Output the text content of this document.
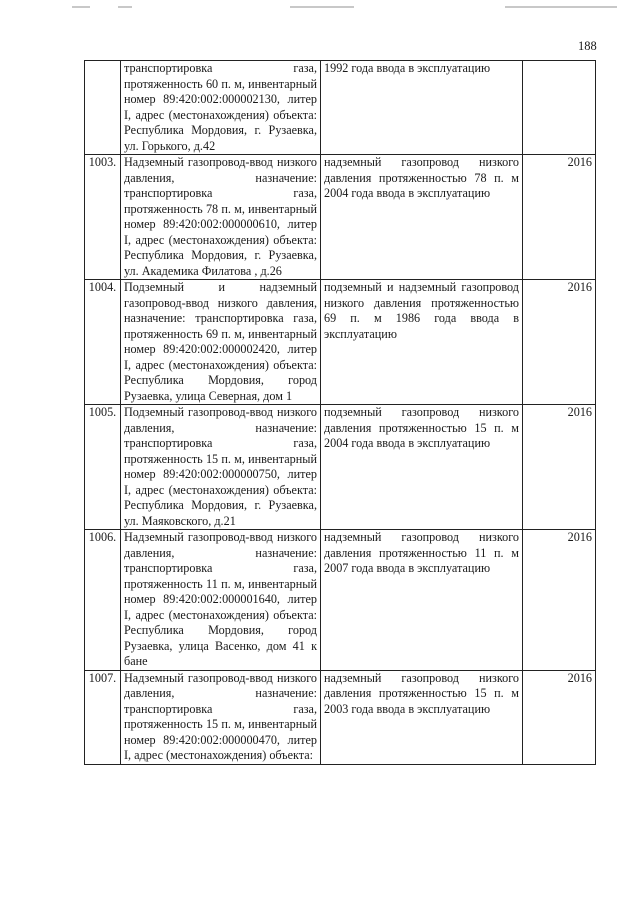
188
	транспортировка газа, протяженность 60 п. м, инвентарный номер 89:420:002:000002130, литер I, адрес (местонахождения) объекта: Республика Мордовия, г. Рузаевка, ул. Горького, д.42	1992 года ввода в эксплуатацию	
1003.	Надземный газопровод-ввод низкого давления, назначение: транспортировка газа, протяженность 78 п. м, инвентарный номер 89:420:002:000000610, литер I, адрес (местонахождения) объекта: Республика Мордовия, г. Рузаевка, ул. Академика Филатова , д.26	надземный газопровод низкого давления протяженностью 78 п. м 2004 года ввода в эксплуатацию	2016
1004.	Подземный и надземный газопровод-ввод низкого давления, назначение: транспортировка газа, протяженность 69 п. м, инвентарный номер 89:420:002:000002420, литер I, адрес (местонахождения) объекта: Республика Мордовия, город Рузаевка, улица Северная, дом 1	подземный и надземный газопровод низкого давления протяженностью 69 п. м 1986 года ввода в эксплуатацию	2016
1005.	Подземный газопровод-ввод низкого давления, назначение: транспортировка газа, протяженность 15 п. м, инвентарный номер 89:420:002:000000750, литер I, адрес (местонахождения) объекта: Республика Мордовия, г. Рузаевка, ул. Маяковского, д.21	подземный газопровод низкого давления протяженностью 15 п. м 2004 года ввода в эксплуатацию	2016
1006.	Надземный газопровод-ввод низкого давления, назначение: транспортировка газа, протяженность 11 п. м, инвентарный номер 89:420:002:000001640, литер I, адрес (местонахождения) объекта: Республика Мордовия, город Рузаевка, улица Васенко, дом 41 к бане	надземный газопровод низкого давления протяженностью 11 п. м 2007 года ввода в эксплуатацию	2016
1007.	Надземный газопровод-ввод низкого давления, назначение: транспортировка газа, протяженность 15 п. м, инвентарный номер 89:420:002:000000470, литер I, адрес (местонахождения) объекта:	надземный газопровод низкого давления протяженностью 15 п. м 2003 года ввода в эксплуатацию	2016
